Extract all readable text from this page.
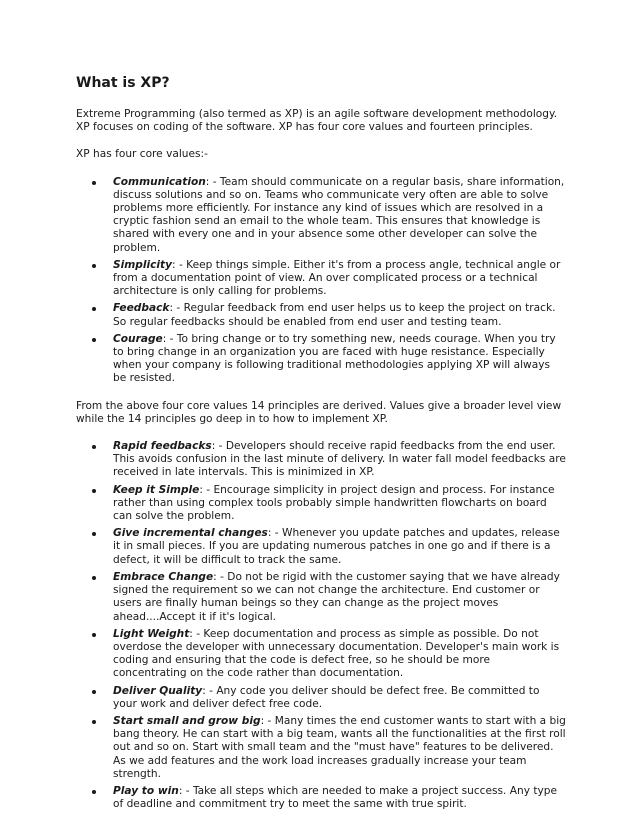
What is XP?

Extreme Programming (also termed as XP) is an agile software development methodology. XP focuses on coding of the software. XP has four core values and fourteen principles.

XP has four core values:-

Communication: - Team should communicate on a regular basis, share information, discuss solutions and so on. Teams who communicate very often are able to solve problems more efficiently. For instance any kind of issues which are resolved in a cryptic fashion send an email to the whole team. This ensures that knowledge is shared with every one and in your absence some other developer can solve the problem.
Simplicity: - Keep things simple. Either it's from a process angle, technical angle or from a documentation point of view. An over complicated process or a technical architecture is only calling for problems.
Feedback: - Regular feedback from end user helps us to keep the project on track. So regular feedbacks should be enabled from end user and testing team.
Courage: - To bring change or to try something new, needs courage. When you try to bring change in an organization you are faced with huge resistance. Especially when your company is following traditional methodologies applying XP will always be resisted.

From the above four core values 14 principles are derived. Values give a broader level view while the 14 principles go deep in to how to implement XP.

Rapid feedbacks: - Developers should receive rapid feedbacks from the end user. This avoids confusion in the last minute of delivery. In water fall model feedbacks are received in late intervals. This is minimized in XP.
Keep it Simple: - Encourage simplicity in project design and process. For instance rather than using complex tools probably simple handwritten flowcharts on board can solve the problem.
Give incremental changes: - Whenever you update patches and updates, release it in small pieces. If you are updating numerous patches in one go and if there is a defect, it will be difficult to track the same.
Embrace Change: - Do not be rigid with the customer saying that we have already signed the requirement so we can not change the architecture. End customer or users are finally human beings so they can change as the project moves ahead....Accept it if it's logical.
Light Weight: - Keep documentation and process as simple as possible. Do not overdose the developer with unnecessary documentation. Developer's main work is coding and ensuring that the code is defect free, so he should be more concentrating on the code rather than documentation.
Deliver Quality: - Any code you deliver should be defect free. Be committed to your work and deliver defect free code.
Start small and grow big: - Many times the end customer wants to start with a big bang theory. He can start with a big team, wants all the functionalities at the first roll out and so on. Start with small team and the "must have" features to be delivered. As we add features and the work load increases gradually increase your team strength.
Play to win: - Take all steps which are needed to make a project success. Any type of deadline and commitment try to meet the same with true spirit.
